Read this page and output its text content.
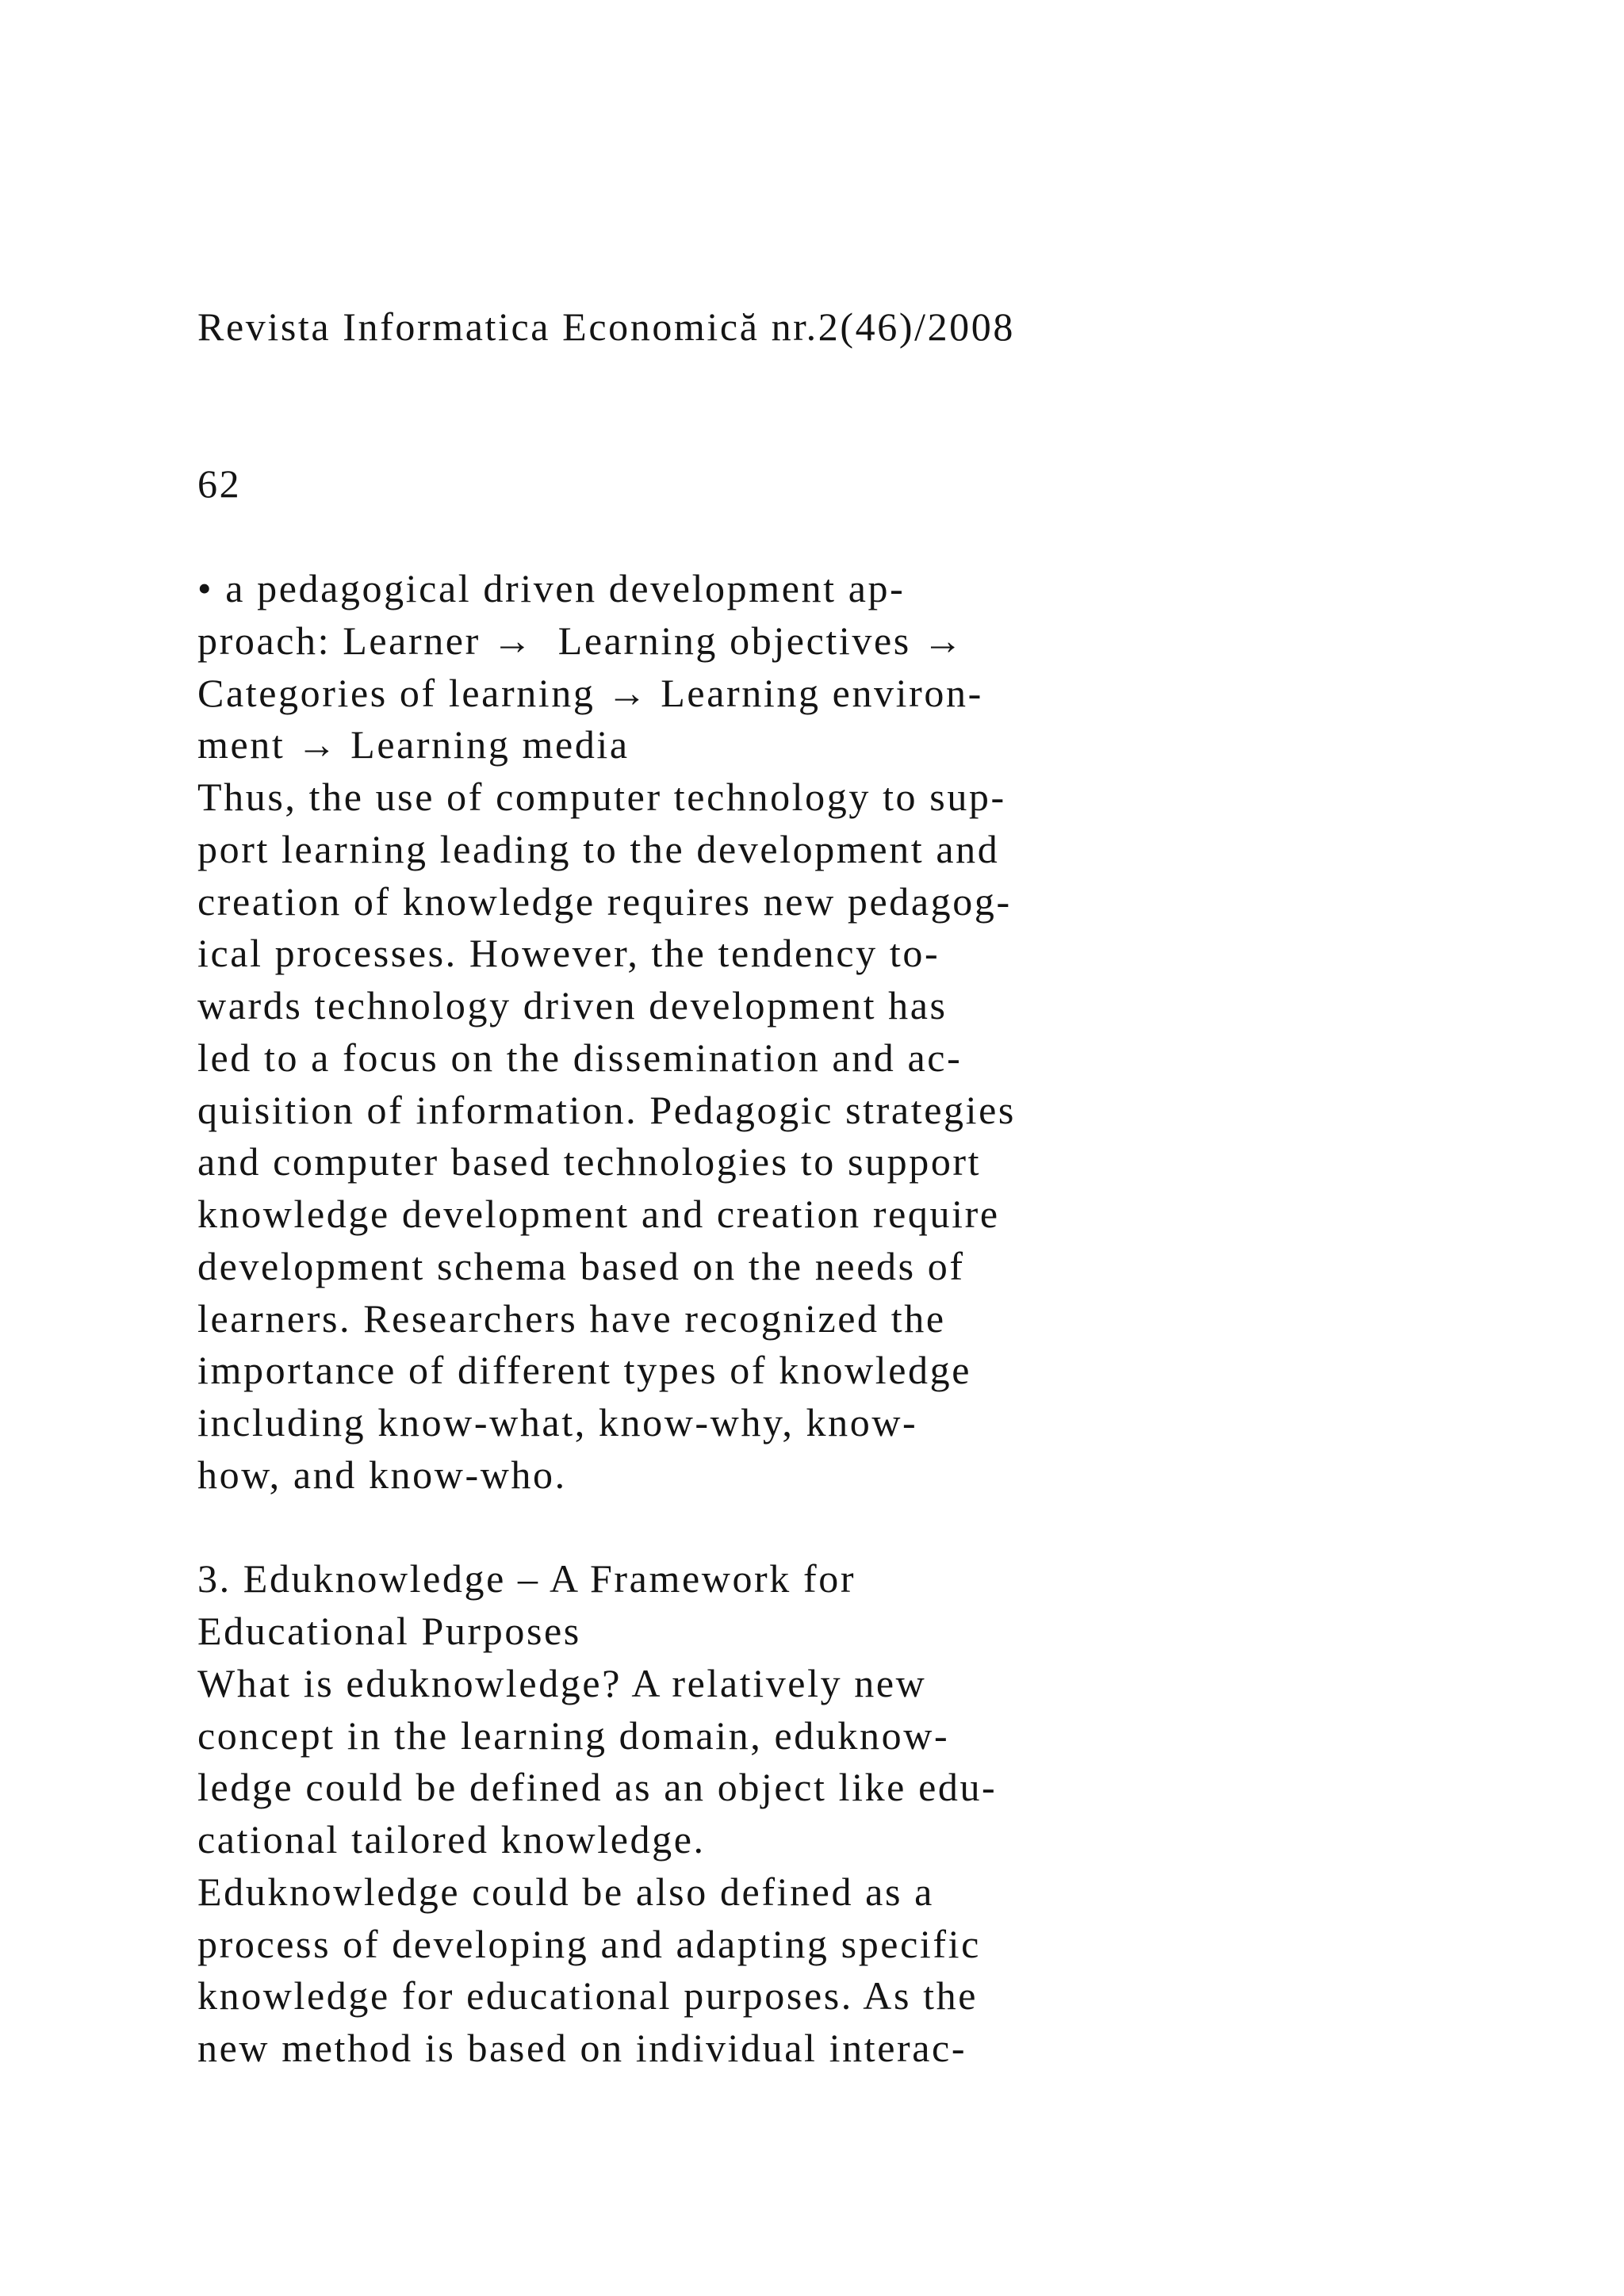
Revista Informatica Economică nr.2(46)/2008

62

• a pedagogical driven development ap-

proach: Learner →  Learning objectives →

Categories of learning → Learning environ-

ment → Learning media

Thus, the use of computer technology to sup-

port learning leading to the development and

creation of knowledge requires new pedagog-

ical processes. However, the tendency to-

wards technology driven development has

led to a focus on the dissemination and ac-

quisition of information. Pedagogic strategies

and computer based technologies to support

knowledge development and creation require

development schema based on the needs of

learners. Researchers have recognized the

importance of different types of knowledge

including know-what, know-why, know-

how, and know-who.

3. Eduknowledge – A Framework for

Educational Purposes

What is eduknowledge? A relatively new

concept in the learning domain, eduknow-

ledge could be defined as an object like edu-

cational tailored knowledge.

Eduknowledge could be also defined as a

process of developing and adapting specific

knowledge for educational purposes. As the

new method is based on individual interac-
